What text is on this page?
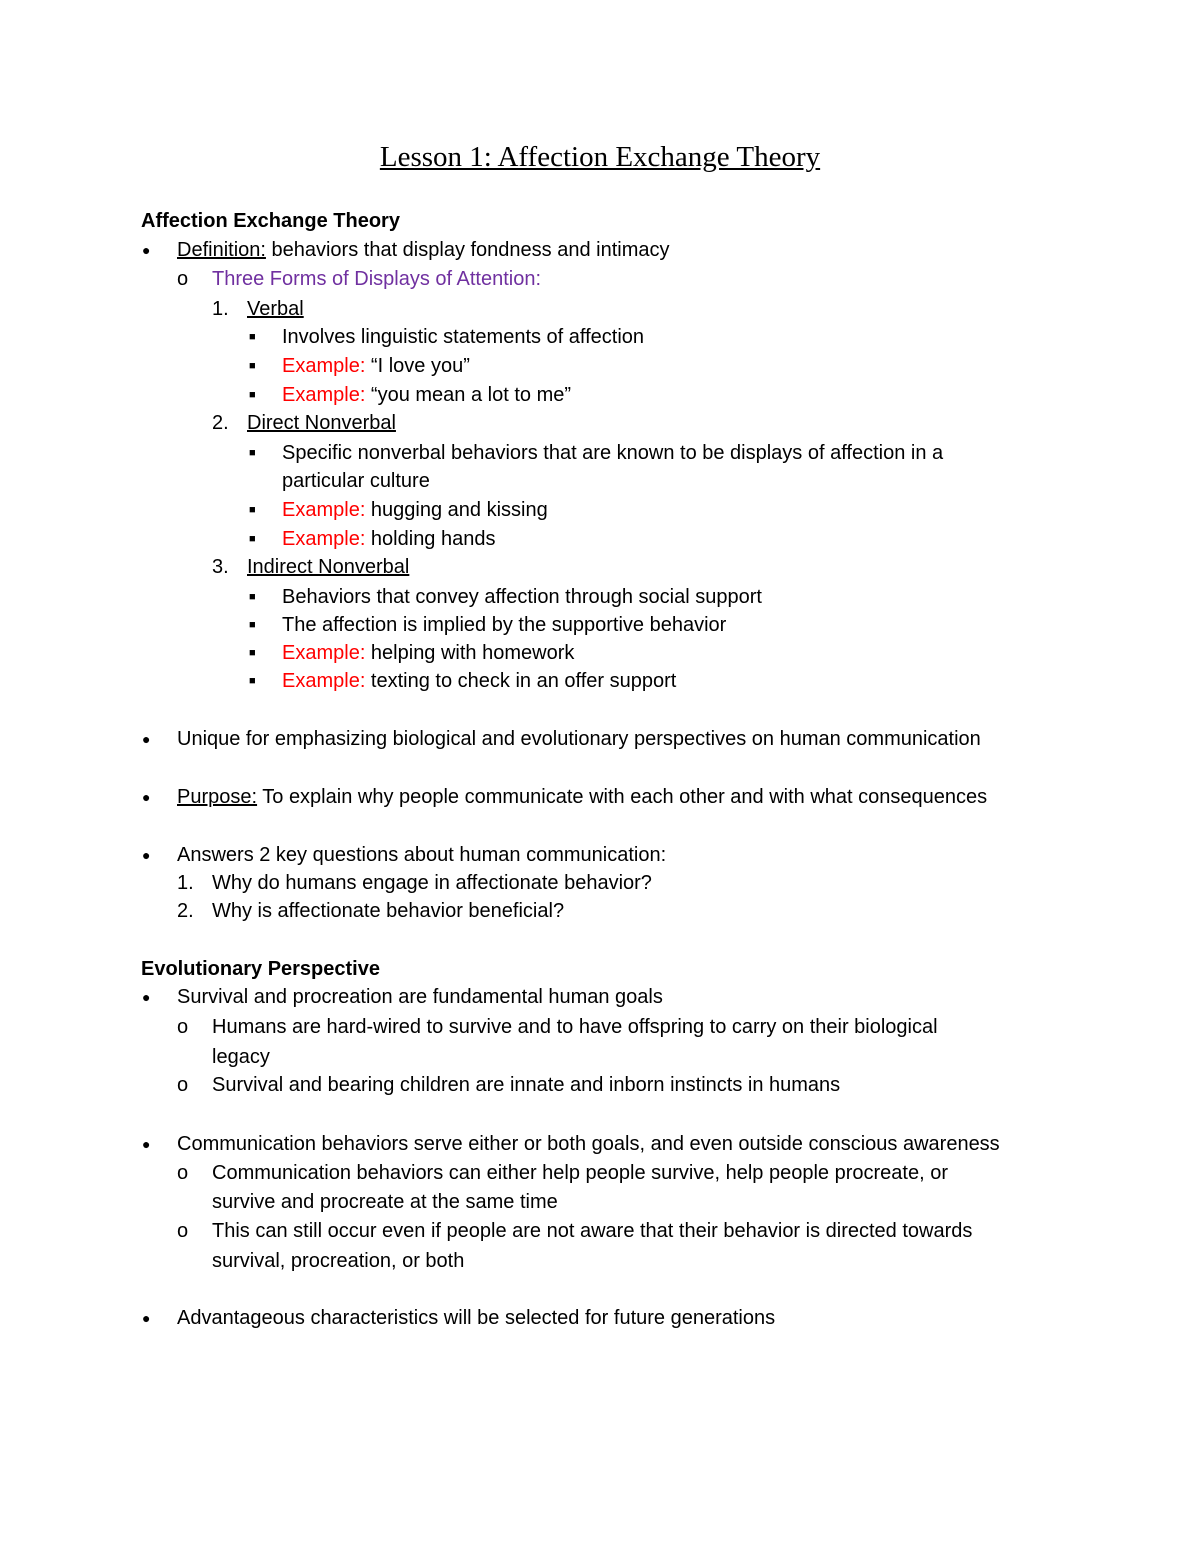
Lesson 1: Affection Exchange Theory
Affection Exchange Theory
● Definition: behaviors that display fondness and intimacy
o Three Forms of Displays of Attention:
1. Verbal
■ Involves linguistic statements of affection
■ Example: “I love you”
■ Example: “you mean a lot to me”
2. Direct Nonverbal
■ Specific nonverbal behaviors that are known to be displays of affection in a
particular culture
■ Example: hugging and kissing
■ Example: holding hands
3. Indirect Nonverbal
■ Behaviors that convey affection through social support
■ The affection is implied by the supportive behavior
■ Example: helping with homework
■ Example: texting to check in an offer support
● Unique for emphasizing biological and evolutionary perspectives on human communication
● Purpose: To explain why people communicate with each other and with what consequences
● Answers 2 key questions about human communication:
1. Why do humans engage in affectionate behavior?
2. Why is affectionate behavior beneficial?
Evolutionary Perspective
● Survival and procreation are fundamental human goals
o Humans are hard-wired to survive and to have offspring to carry on their biological
legacy
o Survival and bearing children are innate and inborn instincts in humans
● Communication behaviors serve either or both goals, and even outside conscious awareness
o Communication behaviors can either help people survive, help people procreate, or
survive and procreate at the same time
o This can still occur even if people are not aware that their behavior is directed towards
survival, procreation, or both
● Advantageous characteristics will be selected for future generations
